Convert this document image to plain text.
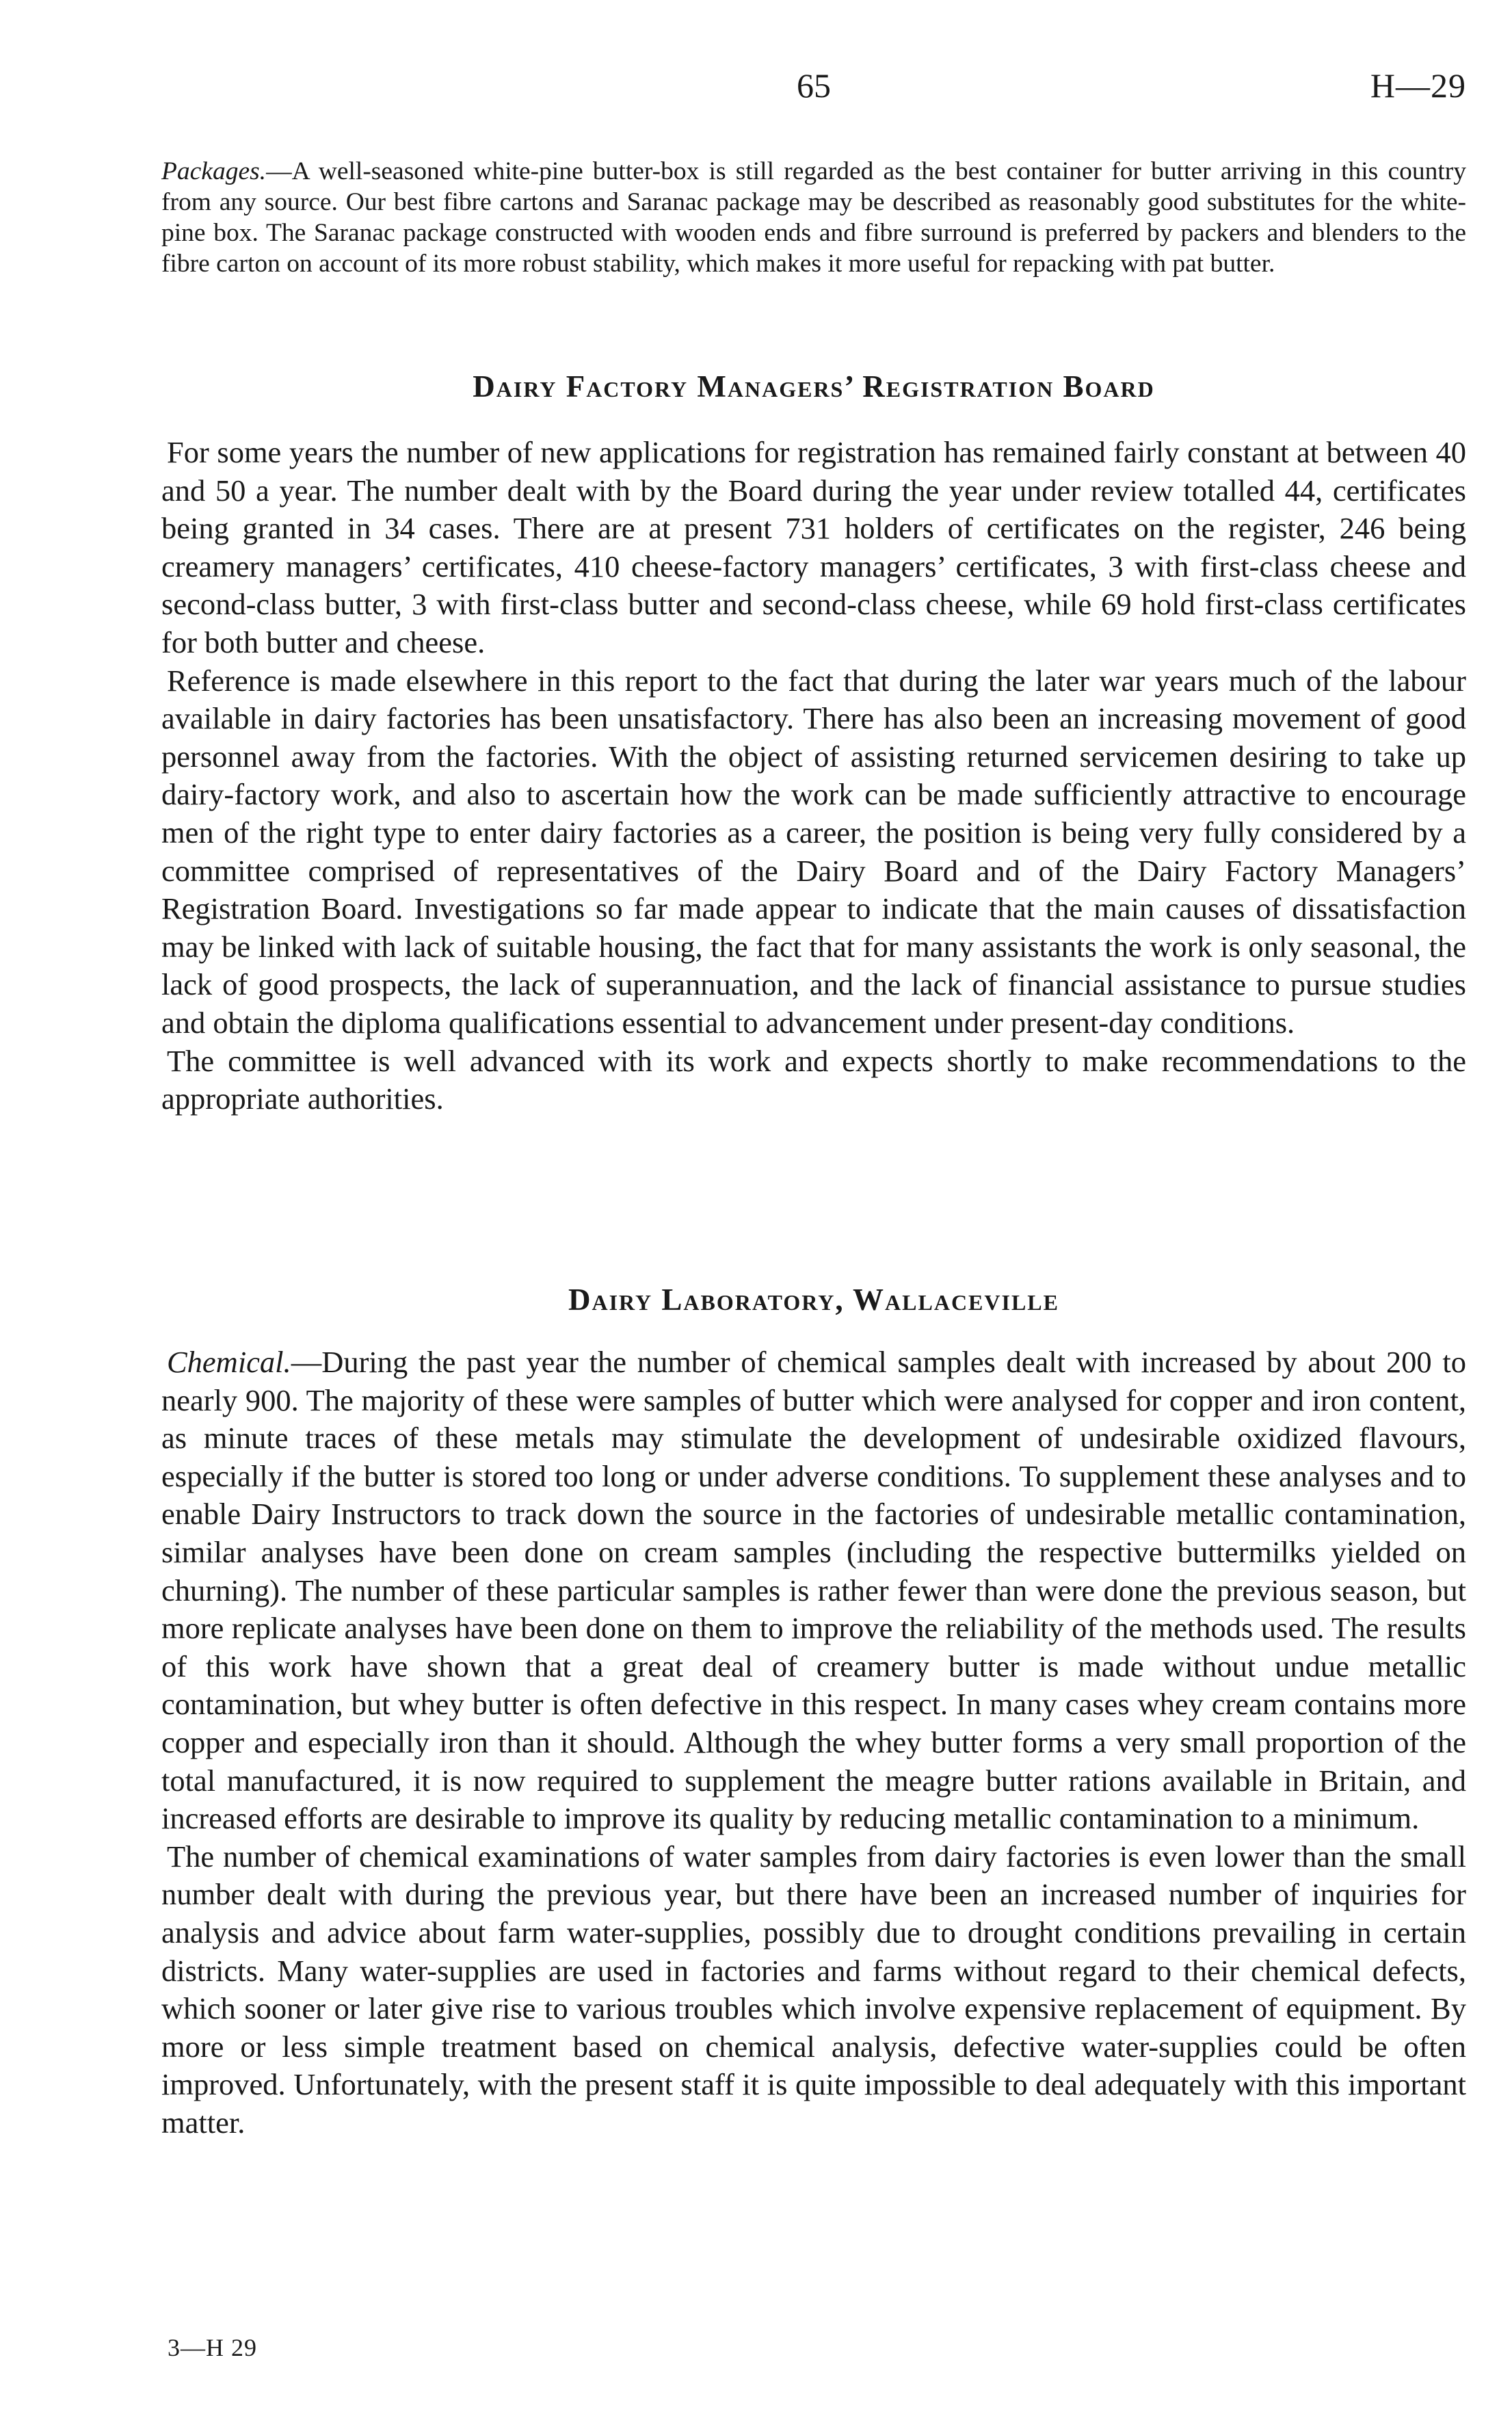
65	H—29

Packages.—A well-seasoned white-pine butter-box is still regarded as the best container for butter arriving in this country from any source. Our best fibre cartons and Saranac package may be described as reasonably good substitutes for the white-pine box. The Saranac package constructed with wooden ends and fibre surround is preferred by packers and blenders to the fibre carton on account of its more robust stability, which makes it more useful for repacking with pat butter.

Dairy Factory Managers’ Registration Board

For some years the number of new applications for registration has remained fairly constant at between 40 and 50 a year. The number dealt with by the Board during the year under review totalled 44, certificates being granted in 34 cases. There are at present 731 holders of certificates on the register, 246 being creamery managers’ certificates, 410 cheese-factory managers’ certificates, 3 with first-class cheese and second-class butter, 3 with first-class butter and second-class cheese, while 69 hold first-class certificates for both butter and cheese.

Reference is made elsewhere in this report to the fact that during the later war years much of the labour available in dairy factories has been unsatisfactory. There has also been an increasing movement of good personnel away from the factories. With the object of assisting returned servicemen desiring to take up dairy-factory work, and also to ascertain how the work can be made sufficiently attractive to encourage men of the right type to enter dairy factories as a career, the position is being very fully considered by a committee comprised of representatives of the Dairy Board and of the Dairy Factory Managers’ Registration Board. Investigations so far made appear to indicate that the main causes of dissatisfaction may be linked with lack of suitable housing, the fact that for many assistants the work is only seasonal, the lack of good prospects, the lack of superannuation, and the lack of financial assistance to pursue studies and obtain the diploma qualifications essential to advancement under present-day conditions.

The committee is well advanced with its work and expects shortly to make recommendations to the appropriate authorities.

Dairy Laboratory, Wallaceville

Chemical.—During the past year the number of chemical samples dealt with increased by about 200 to nearly 900. The majority of these were samples of butter which were analysed for copper and iron content, as minute traces of these metals may stimulate the development of undesirable oxidized flavours, especially if the butter is stored too long or under adverse conditions. To supplement these analyses and to enable Dairy Instructors to track down the source in the factories of undesirable metallic contamination, similar analyses have been done on cream samples (including the respective buttermilks yielded on churning). The number of these particular samples is rather fewer than were done the previous season, but more replicate analyses have been done on them to improve the reliability of the methods used. The results of this work have shown that a great deal of creamery butter is made without undue metallic contamination, but whey butter is often defective in this respect. In many cases whey cream contains more copper and especially iron than it should. Although the whey butter forms a very small proportion of the total manufactured, it is now required to supplement the meagre butter rations available in Britain, and increased efforts are desirable to improve its quality by reducing metallic contamination to a minimum.

The number of chemical examinations of water samples from dairy factories is even lower than the small number dealt with during the previous year, but there have been an increased number of inquiries for analysis and advice about farm water-supplies, possibly due to drought conditions prevailing in certain districts. Many water-supplies are used in factories and farms without regard to their chemical defects, which sooner or later give rise to various troubles which involve expensive replacement of equipment. By more or less simple treatment based on chemical analysis, defective water-supplies could be often improved. Unfortunately, with the present staff it is quite impossible to deal adequately with this important matter.

3—H 29
